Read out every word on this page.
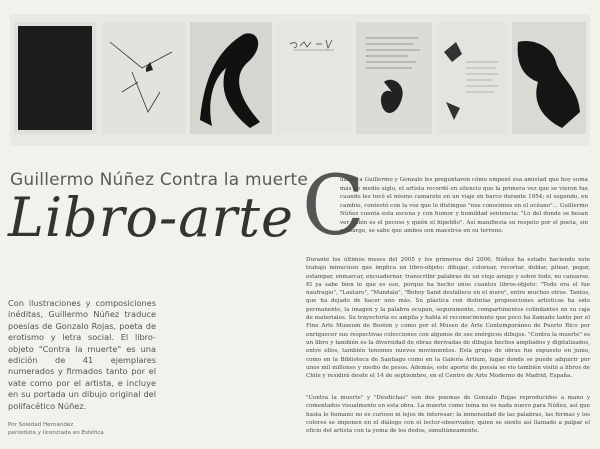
Guillermo Núñez Contra la muerte
Libro-arte C

uando a Guillermo y Gonzalo les preguntaron cómo empezó esa amistad que hoy suma más de medio siglo, el artista recordó en silencio que la primera vez que se vieron fue cuando les tocó el mismo camarote en un viaje en barco durante 1954; el segundo, en cambio, contestó con la voz que lo distingue "nos conocimos en el océano"... Guillermo Núñez cuenta esta escena y con humor y humildad sentencia: "Lo del donde se besan ver quién es el pecoso y quién el hipeliño". Así manifiesta su respeto por el poeta, sin embargo, se sabe que ambos son maestros en su terreno.

Durante los últimos meses del 2005 y los primeros del 2006, Núñez ha estado haciendo este trabajo minucioso que implica un libro-objeto: dibujar, colorear, recortar, doblar, pitear, pegar, estampar, enmarcar, encuadernar, transcribir palabras de un viejo amigo y sobre todo, no cansarse. El ya sabe bien lo que es eso, porque ha hecho unos cuantos libros-objeto: "Todo era el fue naufragio", "Lautaro", "Mandala", "Boboy Sand desfallece en el muro", entre muchos otros. Tantos, que ha dejado de hacer uno más. Su plástica con distintas proposiciones artísticas ha sido permanente, la imagen y la palabra ocupan, seguramente, compartimentos colindantes en su caja de materiales. Su trayectoria es amplia y habla el reconocimiento que poco ha llamado tanto por el Fine Arts Museum de Boston y como por el Museo de Arte Contemporáneo de Puerto Rico por enriquecer sus respectivas colecciones con algunos de sus enérgicos dibujos. "Contra la muerte" es un libro y también es la diversidad de obras derivadas de dibujos hechos ampliados y digitalizados, entre ellos, también tenemos nuevos movimientos. Esta grupo de obras fue expuesto en junio, como en la Biblioteca de Santiago como en la Galería Artium, lugar donde se puede adquirir por unos mil millones y medio de pesos. Además, este aporte de poesía se vio también visitó a libros de Chile y residirá desde el 14 de septiembre, en el Centro de Arte Moderno de Madrid, España.

"Contra la muerte" y "Desdichas" son dos poemas de Gonzalo Rojas reproducidos a mano y comentados visualmente en esta obra. La muerte como tema no es nada nuevo para Núñez, así que hasta lo humano no es curioso ni lejos de interesar; la inmensidad de las palabras, las formas y los colores se imponen en el diálogo con el lector-observador, quien se siente así llamado a palpar el oficio del artista con la yema de los dedos, simultáneamente.

Con ilustraciones y composiciones inéditas, Guillermo Núñez traduce poesías de Gonzalo Rojas, poeta de erotismo y letra social. El libro-objeto "Contra la muerte" es una edición de 41 ejemplares numerados y firmados tanto por el vate como por el artista, e incluye en su portada un dibujo original del polifacético Núñez.

Por Soledad Hernández
periodista y licenciada en Estética
